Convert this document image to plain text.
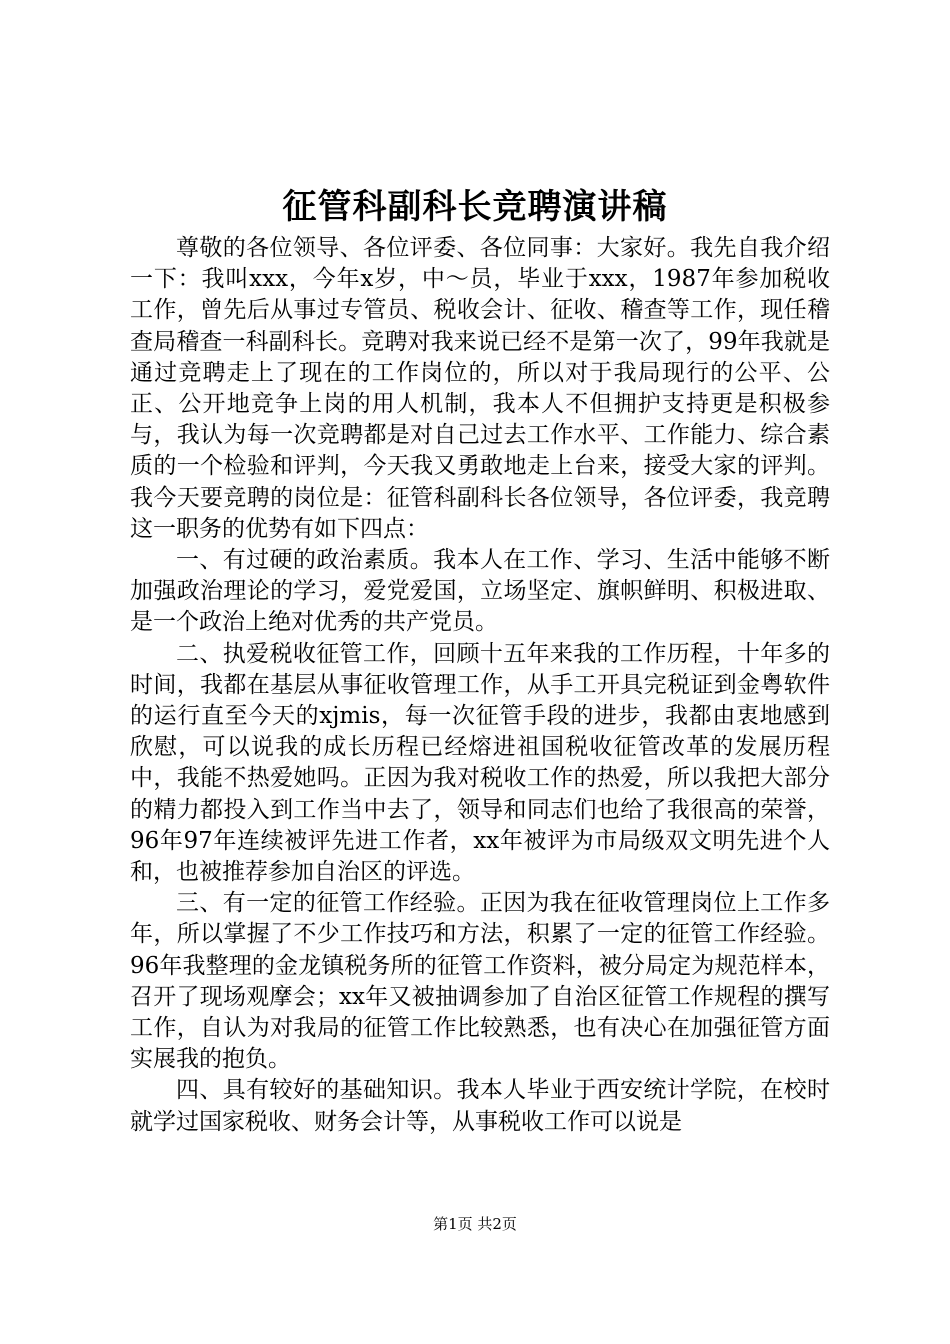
征管科副科长竞聘演讲稿

尊敬的各位领导、各位评委、各位同事：大家好。我先自我介绍一下：我叫xxx，今年x岁，中～员，毕业于xxx，1987年参加税收工作，曾先后从事过专管员、税收会计、征收、稽查等工作，现任稽查局稽查一科副科长。竞聘对我来说已经不是第一次了，99年我就是通过竞聘走上了现在的工作岗位的，所以对于我局现行的公平、公正、公开地竞争上岗的用人机制，我本人不但拥护支持更是积极参与，我认为每一次竞聘都是对自己过去工作水平、工作能力、综合素质的一个检验和评判，今天我又勇敢地走上台来，接受大家的评判。我今天要竞聘的岗位是：征管科副科长各位领导，各位评委，我竞聘这一职务的优势有如下四点：

一、有过硬的政治素质。我本人在工作、学习、生活中能够不断加强政治理论的学习，爱党爱国，立场坚定、旗帜鲜明、积极进取、是一个政治上绝对优秀的共产党员。

二、执爱税收征管工作，回顾十五年来我的工作历程，十年多的时间，我都在基层从事征收管理工作，从手工开具完税证到金粤软件的运行直至今天的xjmis，每一次征管手段的进步，我都由衷地感到欣慰，可以说我的成长历程已经熔进祖国税收征管改革的发展历程中，我能不热爱她吗。正因为我对税收工作的热爱，所以我把大部分的精力都投入到工作当中去了，领导和同志们也给了我很高的荣誉，96年97年连续被评先进工作者，xx年被评为市局级双文明先进个人和，也被推荐参加自治区的评选。

三、有一定的征管工作经验。正因为我在征收管理岗位上工作多年，所以掌握了不少工作技巧和方法，积累了一定的征管工作经验。96年我整理的金龙镇税务所的征管工作资料，被分局定为规范样本，召开了现场观摩会；xx年又被抽调参加了自治区征管工作规程的撰写工作，自认为对我局的征管工作比较熟悉，也有决心在加强征管方面实展我的抱负。

四、具有较好的基础知识。我本人毕业于西安统计学院，在校时就学过国家税收、财务会计等，从事税收工作可以说是

第1页 共2页
